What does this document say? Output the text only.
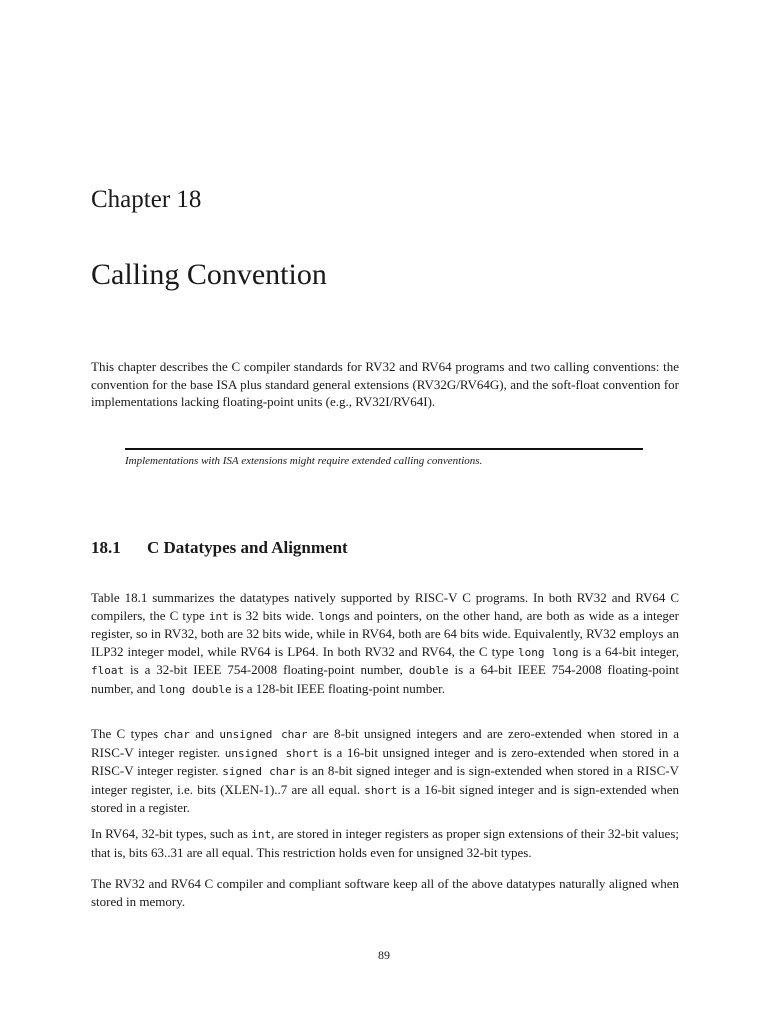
Chapter 18
Calling Convention

This chapter describes the C compiler standards for RV32 and RV64 programs and two calling conventions: the convention for the base ISA plus standard general extensions (RV32G/RV64G), and the soft-float convention for implementations lacking floating-point units (e.g., RV32I/RV64I).

Implementations with ISA extensions might require extended calling conventions.

18.1 C Datatypes and Alignment

Table 18.1 summarizes the datatypes natively supported by RISC-V C programs. In both RV32 and RV64 C compilers, the C type int is 32 bits wide. longs and pointers, on the other hand, are both as wide as a integer register, so in RV32, both are 32 bits wide, while in RV64, both are 64 bits wide. Equivalently, RV32 employs an ILP32 integer model, while RV64 is LP64. In both RV32 and RV64, the C type long long is a 64-bit integer, float is a 32-bit IEEE 754-2008 floating-point number, double is a 64-bit IEEE 754-2008 floating-point number, and long double is a 128-bit IEEE floating-point number.

The C types char and unsigned char are 8-bit unsigned integers and are zero-extended when stored in a RISC-V integer register. unsigned short is a 16-bit unsigned integer and is zero-extended when stored in a RISC-V integer register. signed char is an 8-bit signed integer and is sign-extended when stored in a RISC-V integer register, i.e. bits (XLEN-1)..7 are all equal. short is a 16-bit signed integer and is sign-extended when stored in a register.

In RV64, 32-bit types, such as int, are stored in integer registers as proper sign extensions of their 32-bit values; that is, bits 63..31 are all equal. This restriction holds even for unsigned 32-bit types.

The RV32 and RV64 C compiler and compliant software keep all of the above datatypes naturally aligned when stored in memory.

89
